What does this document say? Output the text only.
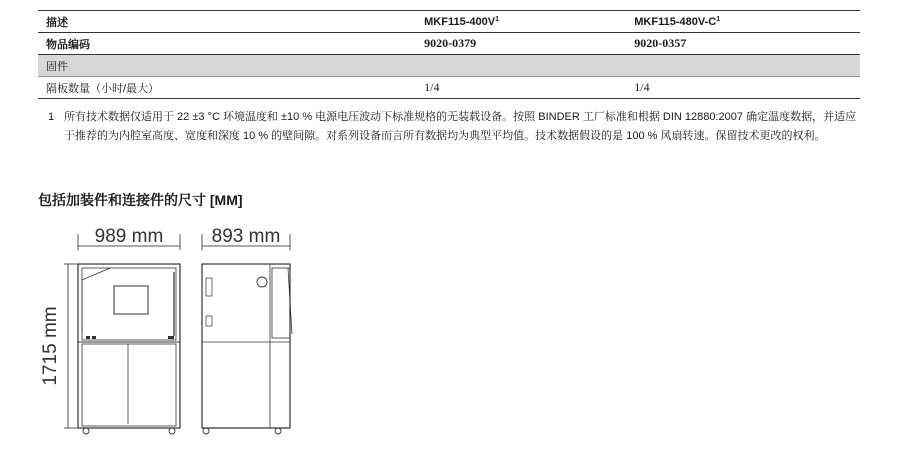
描述	$MKF115-400V^1$	$MKF115-480V-C^1$
物品编码	9020-0379	9020-0357
固件		
隔板数量（小时/最大）	1/4	1/4
1 所有技术数据仅适用于 22 ±3 °C 环境温度和 ±10 % 电源电压波动下标准规格的无装载设备。按照 BINDER 工厂标准和根据 DIN 12880:2007 确定温度数据，并适应于推荐的为内腔室高度、宽度和深度 10 % 的壁间隙。对系列设备而言所有数据均为典型平均值。技术数据假设的是 100 % 风扇转速。保留技术更改的权利。
包括加装件和连接件的尺寸 [MM]
989 mm	893 mm
1715 mm
